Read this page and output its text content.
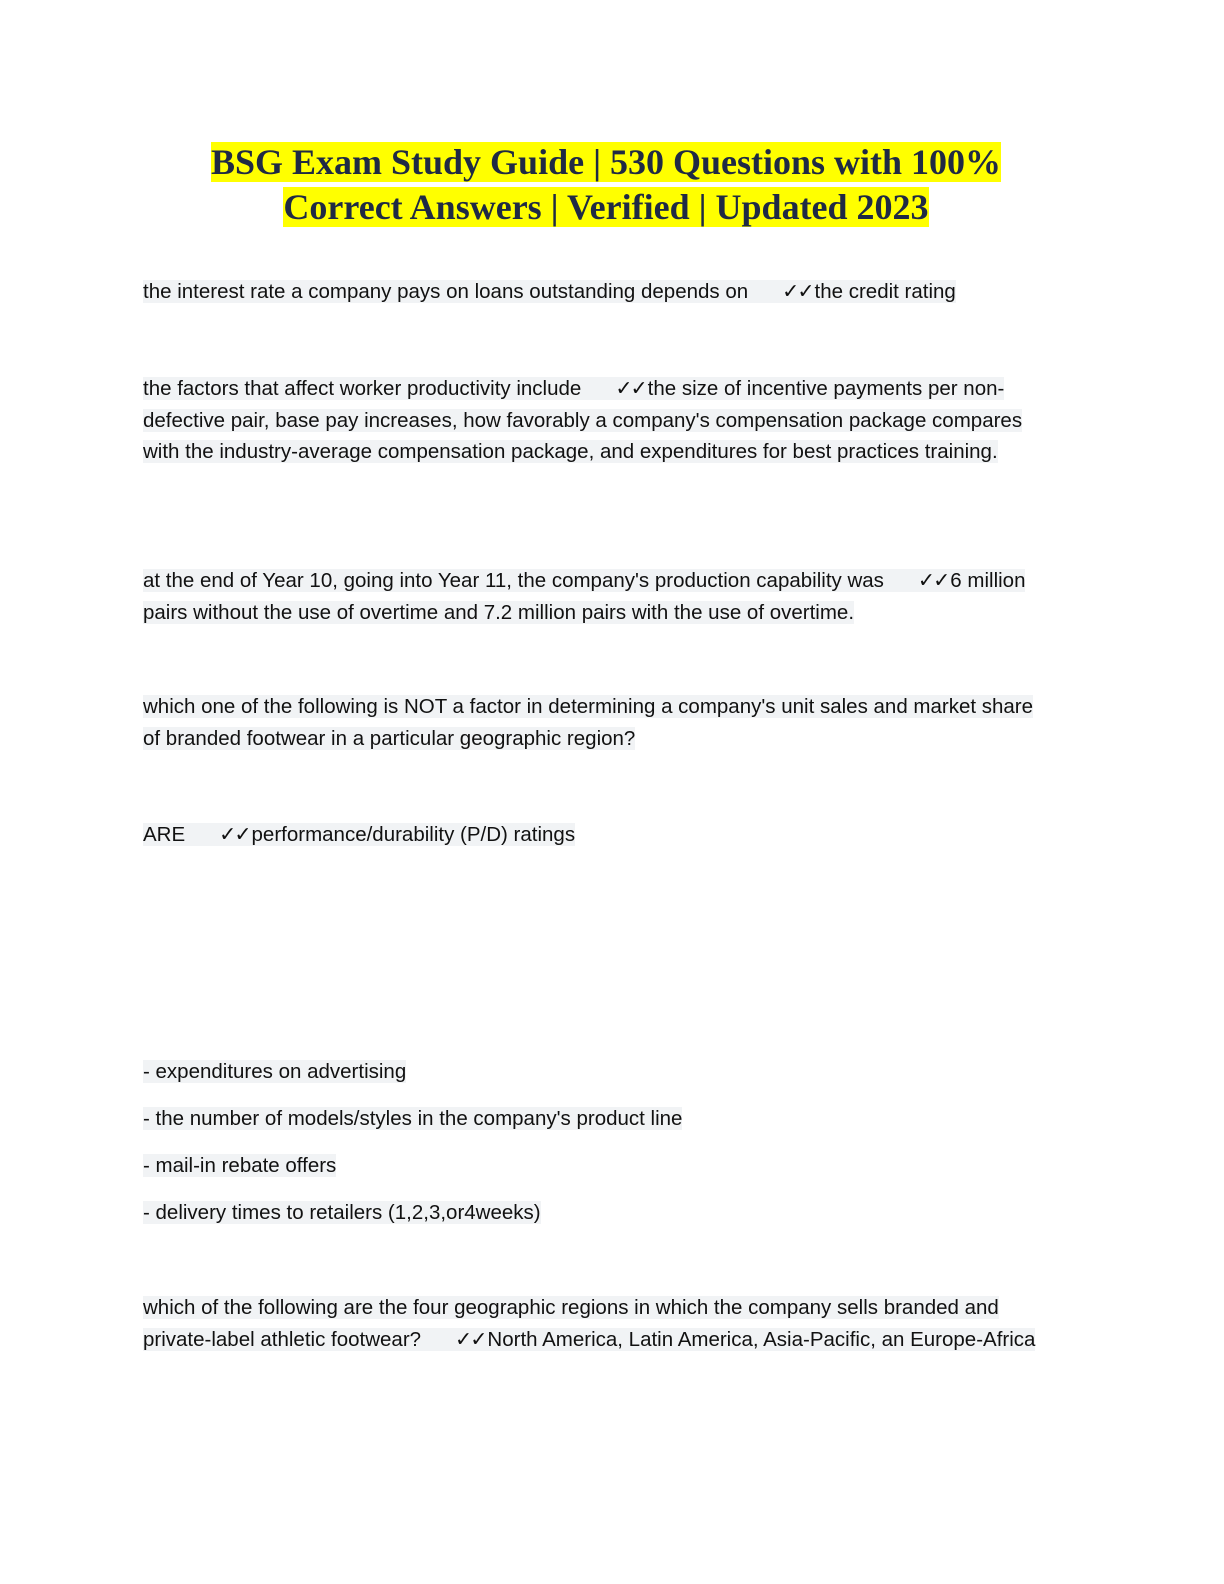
BSG Exam Study Guide | 530 Questions with 100%
Correct Answers | Verified | Updated 2023

the interest rate a company pays on loans outstanding depends on ✓✓the credit rating

the factors that affect worker productivity include ✓✓the size of incentive payments per non-defective pair, base pay increases, how favorably a company's compensation package compares with the industry-average compensation package, and expenditures for best practices training.

at the end of Year 10, going into Year 11, the company's production capability was ✓✓6 million pairs without the use of overtime and 7.2 million pairs with the use of overtime.

which one of the following is NOT a factor in determining a company's unit sales and market share of branded footwear in a particular geographic region?

ARE ✓✓performance/durability (P/D) ratings

- expenditures on advertising

- the number of models/styles in the company's product line

- mail-in rebate offers

- delivery times to retailers (1,2,3,or4weeks)

which of the following are the four geographic regions in which the company sells branded and private-label athletic footwear? ✓✓North America, Latin America, Asia-Pacific, an Europe-Africa
